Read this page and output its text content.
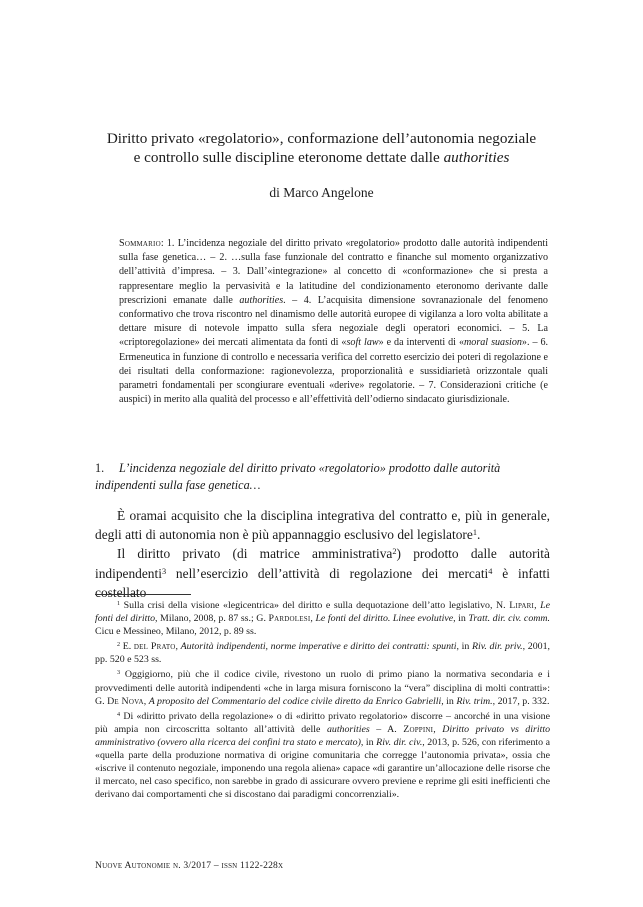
Diritto privato «regolatorio», conformazione dell’autonomia negoziale
e controllo sulle discipline eteronome dettate dalle authorities
di Marco Angelone
Sommario: 1. L’incidenza negoziale del diritto privato «regolatorio» prodotto dalle autorità indipendenti sulla fase genetica… – 2. …sulla fase funzionale del contratto e finanche sul momento organizzativo dell’attività d’impresa. – 3. Dall’«integrazione» al concetto di «conformazione» che si presta a rappresentare meglio la pervasività e la latitudine del condizionamento eteronomo derivante dalle prescrizioni emanate dalle authorities. – 4. L’acquisita dimensione sovranazionale del fenomeno conformativo che trova riscontro nel dinamismo delle autorità europee di vigilanza a loro volta abilitate a dettare misure di notevole impatto sulla sfera negoziale degli operatori economici. – 5. La «criptoregolazione» dei mercati alimentata da fonti di «soft law» e da interventi di «moral suasion». – 6. Ermeneutica in funzione di controllo e necessaria verifica del corretto esercizio dei poteri di regolazione e dei risultati della conformazione: ragionevolezza, proporzionalità e sussidiarietà orizzontale quali parametri fondamentali per scongiurare eventuali «derive» regolatorie. – 7. Considerazioni critiche (e auspici) in merito alla qualità del processo e all’effettività dell’odierno sindacato giurisdizionale.
1. L’incidenza negoziale del diritto privato «regolatorio» prodotto dalle autorità indipendenti sulla fase genetica…

È oramai acquisito che la disciplina integrativa del contratto e, più in generale, degli atti di autonomia non è più appannaggio esclusivo del legislatore$^1$.

Il diritto privato (di matrice amministrativa$^2$) prodotto dalle autorità indipendenti$^3$ nell’esercizio dell’attività di regolazione dei mercati$^4$ è infatti costellato

$^1$ Sulla crisi della visione «legicentrica» del diritto e sulla dequotazione dell’atto legislativo, N. Lipari, Le fonti del diritto, Milano, 2008, p. 87 ss.; G. Pardolesi, Le fonti del diritto. Linee evolutive, in Tratt. dir. civ. comm. Cicu e Messineo, Milano, 2012, p. 89 ss.

$^2$ E. del Prato, Autorità indipendenti, norme imperative e diritto dei contratti: spunti, in Riv. dir. priv., 2001, pp. 520 e 523 ss.

$^3$ Oggigiorno, più che il codice civile, rivestono un ruolo di primo piano la normativa secondaria e i provvedimenti delle autorità indipendenti «che in larga misura forniscono la “vera” disciplina di molti contratti»: G. De Nova, A proposito del Commentario del codice civile diretto da Enrico Gabrielli, in Riv. trim., 2017, p. 332.

$^4$ Di «diritto privato della regolazione» o di «diritto privato regolatorio» discorre – ancorché in una visione più ampia non circoscritta soltanto all’attività delle authorities – A. Zoppini, Diritto privato vs diritto amministrativo (ovvero alla ricerca dei confini tra stato e mercato), in Riv. dir. civ., 2013, p. 526, con riferimento a «quella parte della produzione normativa di origine comunitaria che corregge l’autonomia privata», ossia che «iscrive il contenuto negoziale, imponendo una regola aliena» capace «di garantire un’allocazione delle risorse che il mercato, nel caso specifico, non sarebbe in grado di assicurare ovvero previene e reprime gli esiti inefficienti che derivano dai comportamenti che si discostano dai paradigmi concorrenziali».

Nuove Autonomie n. 3/2017 – issn 1122-228x
